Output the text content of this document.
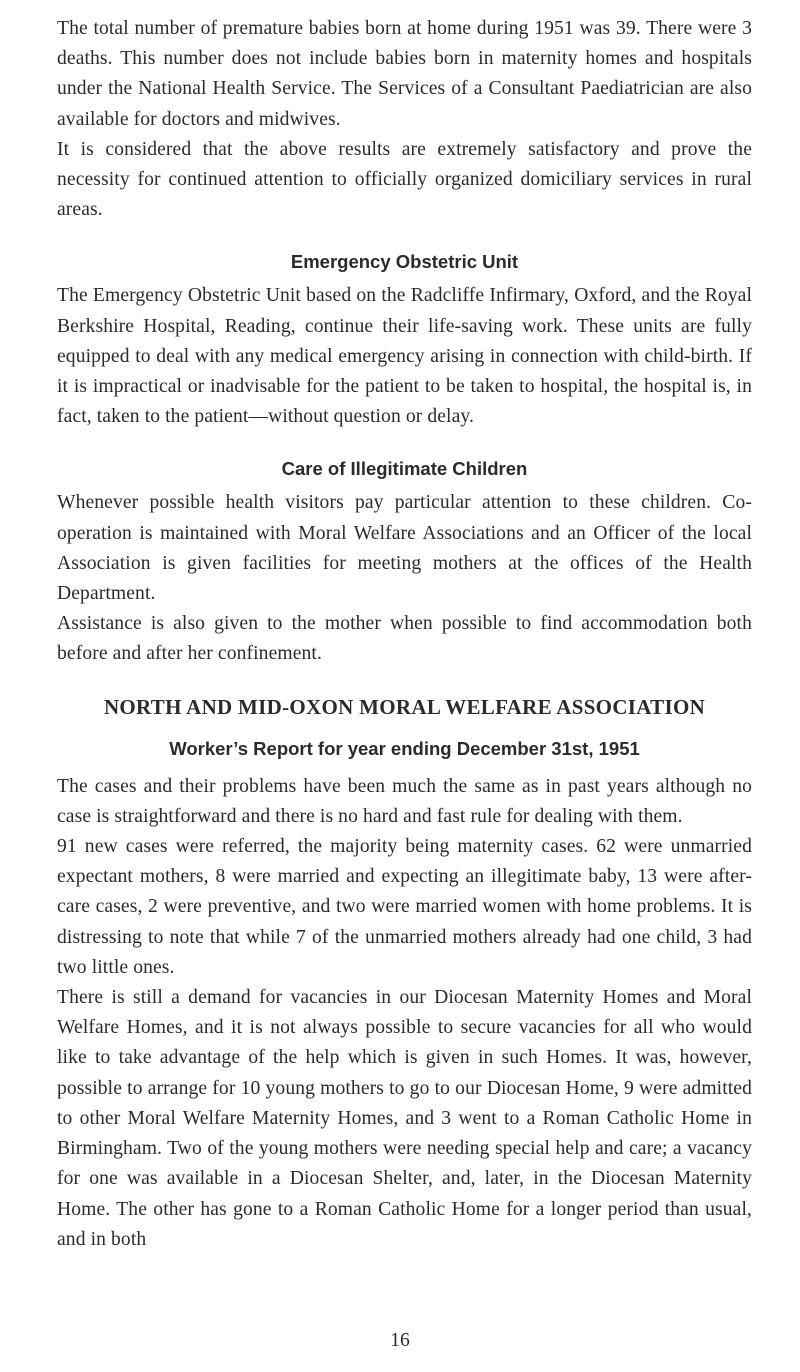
The total number of premature babies born at home during 1951 was 39. There were 3 deaths. This number does not include babies born in maternity homes and hospitals under the National Health Service. The Services of a Consultant Paediatrician are also available for doctors and midwives.

It is considered that the above results are extremely satisfactory and prove the necessity for continued attention to officially organized domiciliary services in rural areas.

Emergency Obstetric Unit

The Emergency Obstetric Unit based on the Radcliffe Infirmary, Oxford, and the Royal Berkshire Hospital, Reading, continue their life-saving work. These units are fully equipped to deal with any medical emergency arising in connection with child-birth. If it is impractical or inadvisable for the patient to be taken to hospital, the hospital is, in fact, taken to the patient—without question or delay.

Care of Illegitimate Children

Whenever possible health visitors pay particular attention to these children. Co-operation is maintained with Moral Welfare Associations and an Officer of the local Association is given facilities for meeting mothers at the offices of the Health Department.

Assistance is also given to the mother when possible to find accommodation both before and after her confinement.

NORTH AND MID-OXON MORAL WELFARE ASSOCIATION
Worker’s Report for year ending December 31st, 1951

The cases and their problems have been much the same as in past years although no case is straightforward and there is no hard and fast rule for dealing with them.

91 new cases were referred, the majority being maternity cases. 62 were unmarried expectant mothers, 8 were married and expecting an illegitimate baby, 13 were after-care cases, 2 were preventive, and two were married women with home problems. It is distressing to note that while 7 of the unmarried mothers already had one child, 3 had two little ones.

There is still a demand for vacancies in our Diocesan Maternity Homes and Moral Welfare Homes, and it is not always possible to secure vacancies for all who would like to take advantage of the help which is given in such Homes. It was, however, possible to arrange for 10 young mothers to go to our Diocesan Home, 9 were admitted to other Moral Welfare Maternity Homes, and 3 went to a Roman Catholic Home in Birmingham. Two of the young mothers were needing special help and care; a vacancy for one was available in a Diocesan Shelter, and, later, in the Diocesan Maternity Home. The other has gone to a Roman Catholic Home for a longer period than usual, and in both

16
